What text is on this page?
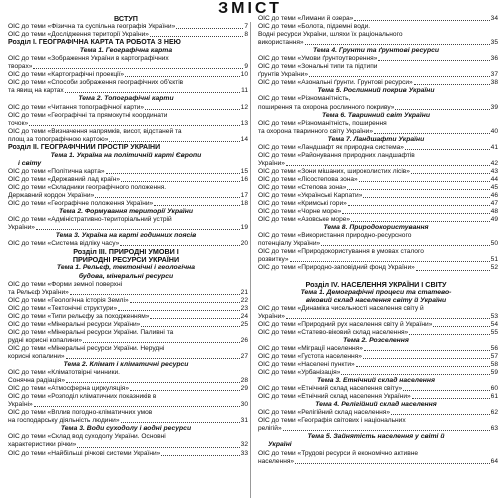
ЗМІСТ
ВСТУП
ОІС до теми «Фізична та суспільна географія України»	7
ОІС до теми «Дослідження території України»	8
Розділ І. ГЕОГРАФІЧНА КАРТА ТА РОБОТА З НЕЮ
Тема 1. Географічна карта
ОІС до теми «Зображення України в картографічних
творах»	9
ОІС до теми «Картографічні проекції»	10
ОІС до теми «Способи зображення географічних об'єктів
та явищ на картах	11
Тема 2. Топографічні карти
ОІС до теми «Читання топографічної карти»	12
ОІС до теми «Географічні та прямокутні координати
точок»	13
ОІС до теми «Визначення напрямків, висот, відстаней та
площ за топографічною картою»	14
Розділ ІІ. ГЕОГРАФІЧНИЙ ПРОСТІР УКРАЇНИ
Тема 1. Україна на політичній карті Європи
і світу
ОІС до теми «Політична карта»	15
ОІС до теми «Державний лад країн»	16
ОІС до теми «Складники географічного положення.
Державний кордон України»	17
ОІС до теми «Географічне положення України»	18
Тема 2. Формування території України
ОІС до теми «Адміністративно-територіальний устрій
України»	19
Тема 3. Україна на карті годинних поясів
ОІС до теми «Система відліку часу»	20
Розділ ІІІ. ПРИРОДНІ УМОВИ І
ПРИРОДНІ РЕСУРСИ УКРАЇНИ
Тема 1. Рельєф, тектонічні і геологічна
будова, мінеральні ресурси
ОІС до теми «Форми земної поверхні
та Рельєф України»	21
ОІС до теми «Геологічна історія Землі»	22
ОІС до теми «Тектонічні структури»	23
ОІС до теми «Типи рельєфу за походженням»	24
ОІС до теми «Мінеральні ресурси України»	25
ОІС до теми «Мінеральні ресурси України. Паливні та
рудні корисні копалини»	26
ОІС до теми «Мінеральні ресурси України. Нерудні
корисні копалини»	27
Тема 2. Клімат і кліматичні ресурси
ОІС до теми «Кліматотвірні чинники.
Сонячна радіація»	28
ОІС до теми «Атмосферна циркуляція»	29
ОІС до теми «Розподіл кліматичних показників в
Україні»	30
ОІС до теми «Вплив погодно-кліматичних умов
на господарську діяльність людини»	31
Тема 3. Води суходолу і водні ресурси
ОІС до теми «Склад вод суходолу України. Основні
характеристики річки»	32
ОІС до теми «Найбільші річкові системи України»	33
ОІС до теми «Лимани й озера»	34
ОІС до теми «Болота, підземні води.
Водні ресурси України, шляхи їх раціонального
використання»	35
Тема 4. Ґрунти та ґрунтові ресурси
ОІС до теми «Умови ґрунтоутворення»	36
ОІС до теми «Зональні типи та підтипи
ґрунтів України»	37
ОІС до теми «Азональні ґрунти. Ґрунтові ресурси»	38
Тема 5. Рослинний покрив України
ОІС до теми «Різноманітність,
поширення та охорона рослинного покриву»	39
Тема 6. Тваринний світ України
ОІС до теми «Різноманітність, поширення
та охорона тваринного світу України»	40
Тема 7. Ландшафти України
ОІС до теми «Ландшафт як природна система»	41
ОІС до теми «Районування природних ландшафтів
України»	42
ОІС до теми «Зони мішаних, широколистих лісів»	43
ОІС до теми «Лісостепова зона»	44
ОІС до теми «Степова зона»	45
ОІС до теми «Українські Карпати»	46
ОІС до теми «Кримські гори»	47
ОІС до теми «Чорне море»	48
ОІС до теми «Азовське море»	49
Тема 8. Природокористування
ОІС до теми «Використання природно-ресурсного
потенціалу України»	50
ОІС до теми «Природокористування в умовах сталого
розвитку»	51
ОІС до теми «Природно-заповідний фонд України»	52
Розділ IV. НАСЕЛЕННЯ УКРАЇНИ І СВІТУ
Тема 1. Демографічні процеси та статево-
віковий склад населення світу й України
ОІС до теми «Динаміка чисельності населення світу й
України»	53
ОІС до теми «Природний рух населення світу й України»	54
ОІС до теми «Статево-віковий склад населення»	55
Тема 2. Розселення
ОІС до теми «Міграції населення»	56
ОІС до теми «Густота населення»	57
ОІС до теми «Населені пункти»	58
ОІС до теми «Урбанізація»	59
Тема 3. Етнічний склад населення
ОІС до теми «Етнічний склад населення світу»	60
ОІС до теми «Етнічний склад населення України»	61
Тема 4. Релігійний склад населення
ОІС до теми «Релігійний склад населення»	62
ОІС до теми «Географія світових і національних
релігій»	63
Тема 5. Зайнятість населення у світі й
Україні
ОІС до теми «Трудові ресурси й економічно активне
населення»	64
